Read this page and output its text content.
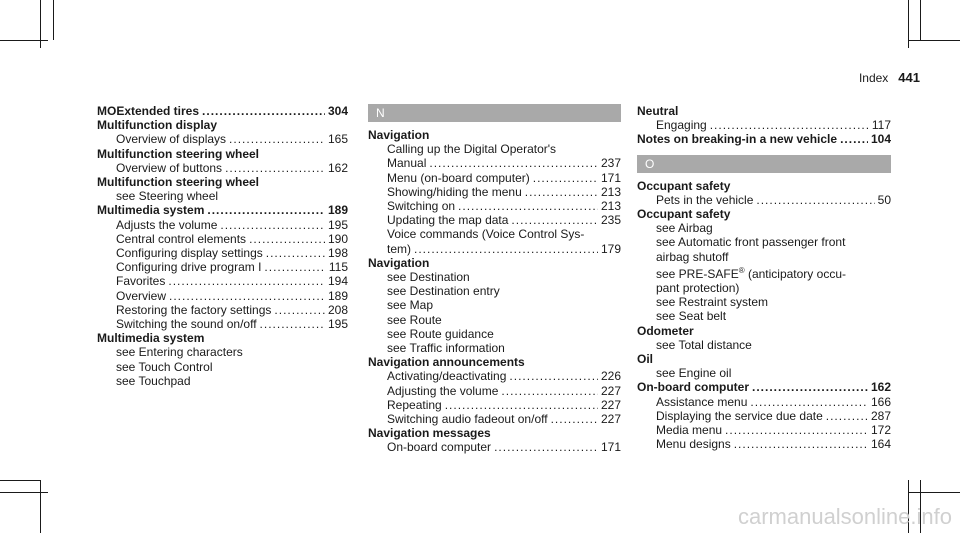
Index 441
MOExtended tires .....	304
Multifunction display
Overview of displays .....	165
Multifunction steering wheel
Overview of buttons .....	162
Multifunction steering wheel
see Steering wheel
Multimedia system .....	189
Adjusts the volume .....	195
Central control elements .....	190
Configuring display settings .....	198
Configuring drive program I .....	115
Favorites .....	194
Overview .....	189
Restoring the factory settings .....	208
Switching the sound on/off .....	195
Multimedia system
see Entering characters
see Touch Control
see Touchpad
N
Navigation
Calling up the Digital Operator's
Manual .....	237
Menu (on-board computer) .....	171
Showing/hiding the menu .....	213
Switching on .....	213
Updating the map data .....	235
Voice commands (Voice Control Sys-
tem) .....	179
Navigation
see Destination
see Destination entry
see Map
see Route
see Route guidance
see Traffic information
Navigation announcements
Activating/deactivating .....	226
Adjusting the volume .....	227
Repeating .....	227
Switching audio fadeout on/off .....	227
Navigation messages
On-board computer .....	171
Neutral
Engaging .....	117
Notes on breaking-in a new vehicle .....	104
O
Occupant safety
Pets in the vehicle .....	50
Occupant safety
see Airbag
see Automatic front passenger front
airbag shutoff
see PRE-SAFE® (anticipatory occu-
pant protection)
see Restraint system
see Seat belt
Odometer
see Total distance
Oil
see Engine oil
On-board computer .....	162
Assistance menu .....	166
Displaying the service due date .....	287
Media menu .....	172
Menu designs .....	164
carmanualsonline.info
